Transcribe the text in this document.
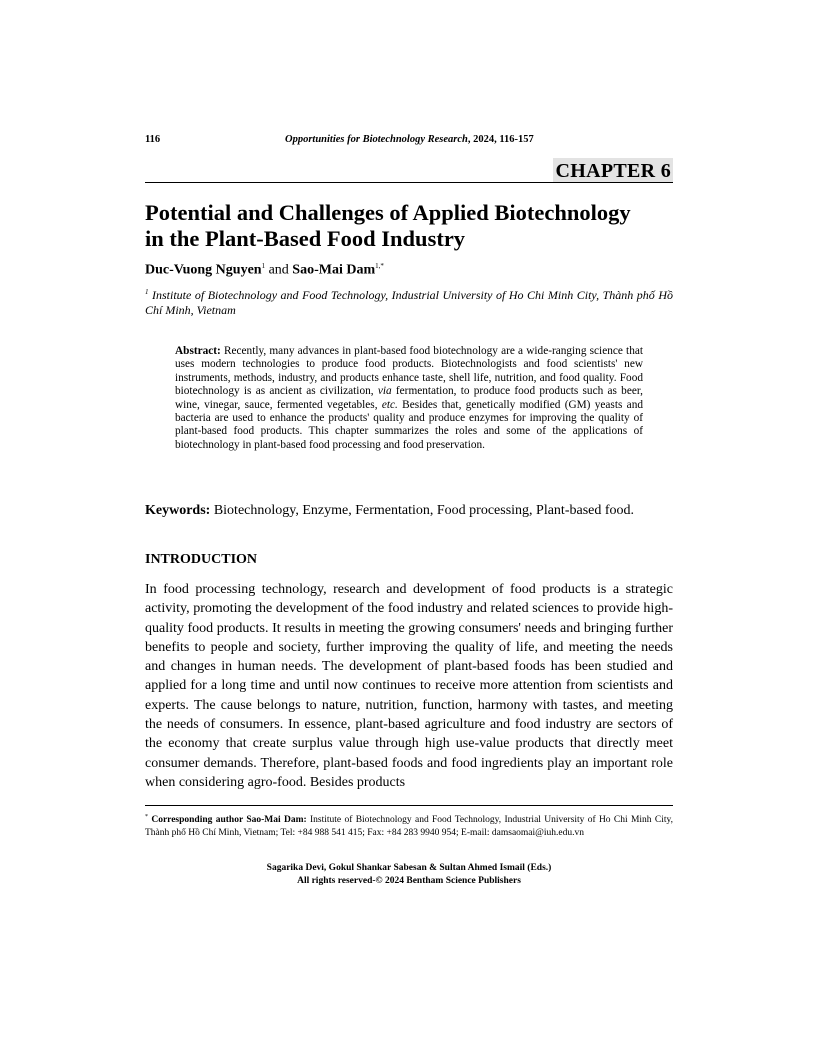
116	Opportunities for Biotechnology Research, 2024, 116-157
CHAPTER 6
Potential and Challenges of Applied Biotechnology
in the Plant-Based Food Industry
Duc-Vuong Nguyen$^1$ and Sao-Mai Dam$^{1,*}$
$^1$ Institute of Biotechnology and Food Technology, Industrial University of Ho Chi Minh City, Thành phố Hồ Chí Minh, Vietnam
Abstract: Recently, many advances in plant-based food biotechnology are a wide-ranging science that uses modern technologies to produce food products. Biotechnologists and food scientists' new instruments, methods, industry, and products enhance taste, shell life, nutrition, and food quality. Food biotechnology is as ancient as civilization, via fermentation, to produce food products such as beer, wine, vinegar, sauce, fermented vegetables, etc. Besides that, genetically modified (GM) yeasts and bacteria are used to enhance the products' quality and produce enzymes for improving the quality of plant-based food products. This chapter summarizes the roles and some of the applications of biotechnology in plant-based food processing and food preservation.
Keywords: Biotechnology, Enzyme, Fermentation, Food processing, Plant-based food.
INTRODUCTION
In food processing technology, research and development of food products is a strategic activity, promoting the development of the food industry and related sciences to provide high-quality food products. It results in meeting the growing consumers' needs and bringing further benefits to people and society, further improving the quality of life, and meeting the needs and changes in human needs. The development of plant-based foods has been studied and applied for a long time and until now continues to receive more attention from scientists and experts. The cause belongs to nature, nutrition, function, harmony with tastes, and meeting the needs of consumers. In essence, plant-based agriculture and food industry are sectors of the economy that create surplus value through high use-value products that directly meet consumer demands. Therefore, plant-based foods and food ingredients play an important role when considering agro-food. Besides products
* Corresponding author Sao-Mai Dam: Institute of Biotechnology and Food Technology, Industrial University of Ho Chi Minh City, Thành phố Hồ Chí Minh, Vietnam; Tel: +84 988 541 415; Fax: +84 283 9940 954; E-mail: damsaomai@iuh.edu.vn
Sagarika Devi, Gokul Shankar Sabesan & Sultan Ahmed Ismail (Eds.)
All rights reserved-© 2024 Bentham Science Publishers
